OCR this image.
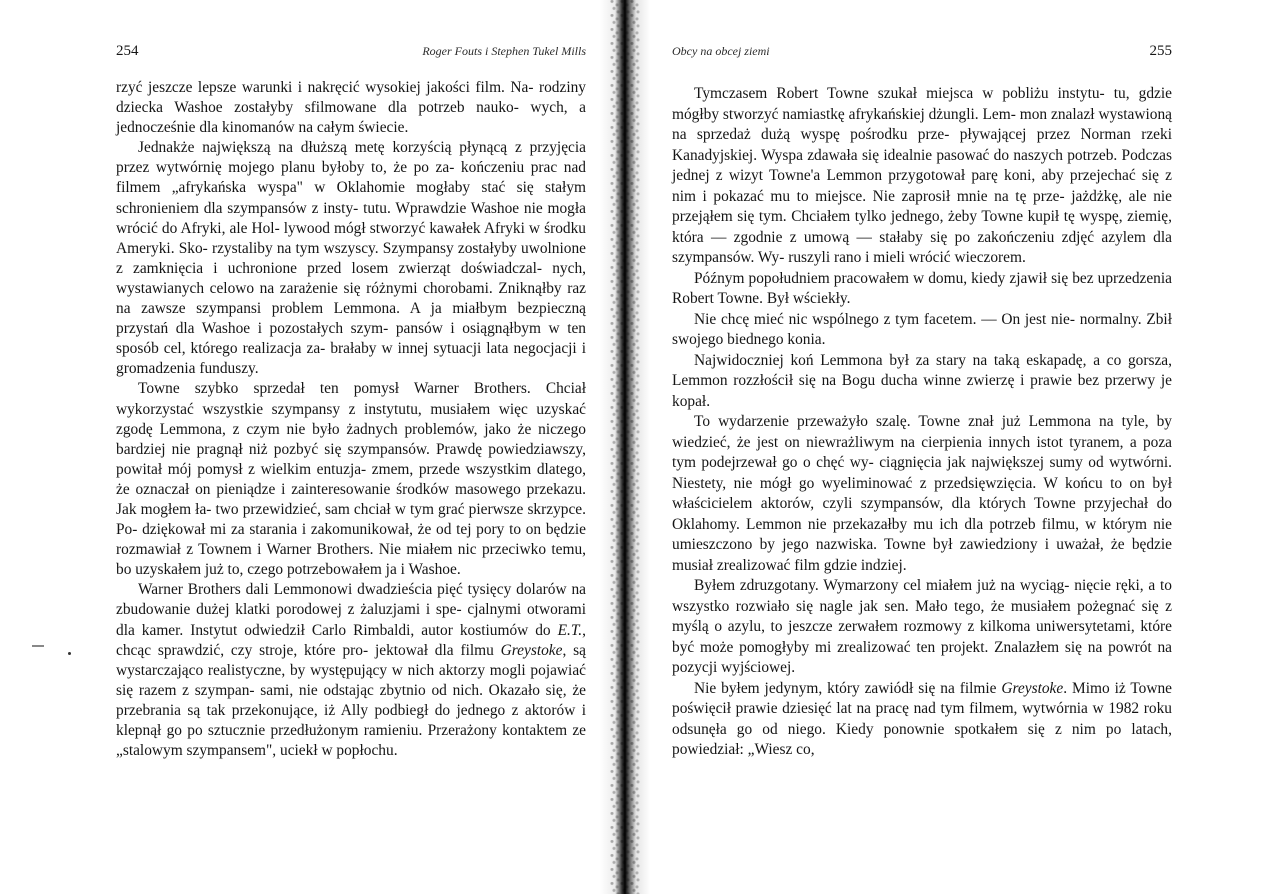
254	Roger Fouts i Stephen Tukel Mills

rzyć jeszcze lepsze warunki i nakręcić wysokiej jakości film. Na- rodziny dziecka Washoe zostałyby sfilmowane dla potrzeb nauko- wych, a jednocześnie dla kinomanów na całym świecie.

Jednakże największą na dłuższą metę korzyścią płynącą z przyjęcia przez wytwórnię mojego planu byłoby to, że po za- kończeniu prac nad filmem „afrykańska wyspa" w Oklahomie mogłaby stać się stałym schronieniem dla szympansów z insty- tutu. Wprawdzie Washoe nie mogła wrócić do Afryki, ale Hol- lywood mógł stworzyć kawałek Afryki w środku Ameryki. Sko- rzystaliby na tym wszyscy. Szympansy zostałyby uwolnione z zamknięcia i uchronione przed losem zwierząt doświadczal- nych, wystawianych celowo na zarażenie się różnymi chorobami. Zniknąłby raz na zawsze szympansi problem Lemmona. A ja miałbym bezpieczną przystań dla Washoe i pozostałych szym- pansów i osiągnąłbym w ten sposób cel, którego realizacja za- brałaby w innej sytuacji lata negocjacji i gromadzenia funduszy.

Towne szybko sprzedał ten pomysł Warner Brothers. Chciał wykorzystać wszystkie szympansy z instytutu, musiałem więc uzyskać zgodę Lemmona, z czym nie było żadnych problemów, jako że niczego bardziej nie pragnął niż pozbyć się szympansów. Prawdę powiedziawszy, powitał mój pomysł z wielkim entuzja- zmem, przede wszystkim dlatego, że oznaczał on pieniądze i zainteresowanie środków masowego przekazu. Jak mogłem ła- two przewidzieć, sam chciał w tym grać pierwsze skrzypce. Po- dziękował mi za starania i zakomunikował, że od tej pory to on będzie rozmawiał z Townem i Warner Brothers. Nie miałem nic przeciwko temu, bo uzyskałem już to, czego potrzebowałem ja i Washoe.

Warner Brothers dali Lemmonowi dwadzieścia pięć tysięcy dolarów na zbudowanie dużej klatki porodowej z żaluzjami i spe- cjalnymi otworami dla kamer. Instytut odwiedził Carlo Rimbaldi, autor kostiumów do E.T., chcąc sprawdzić, czy stroje, które pro- jektował dla filmu Greystoke, są wystarczająco realistyczne, by występujący w nich aktorzy mogli pojawiać się razem z szympan- sami, nie odstając zbytnio od nich. Okazało się, że przebrania są tak przekonujące, iż Ally podbiegł do jednego z aktorów i klepnął go po sztucznie przedłużonym ramieniu. Przerażony kontaktem ze „stalowym szympansem", uciekł w popłochu.

Obcy na obcej ziemi	255

Tymczasem Robert Towne szukał miejsca w pobliżu instytu- tu, gdzie mógłby stworzyć namiastkę afrykańskiej dżungli. Lem- mon znalazł wystawioną na sprzedaż dużą wyspę pośrodku prze- pływającej przez Norman rzeki Kanadyjskiej. Wyspa zdawała się idealnie pasować do naszych potrzeb. Podczas jednej z wizyt Towne'a Lemmon przygotował parę koni, aby przejechać się z nim i pokazać mu to miejsce. Nie zaprosił mnie na tę prze- jażdżkę, ale nie przejąłem się tym. Chciałem tylko jednego, żeby Towne kupił tę wyspę, ziemię, która — zgodnie z umową — stałaby się po zakończeniu zdjęć azylem dla szympansów. Wy- ruszyli rano i mieli wrócić wieczorem.

Późnym popołudniem pracowałem w domu, kiedy zjawił się bez uprzedzenia Robert Towne. Był wściekły.

Nie chcę mieć nic wspólnego z tym facetem. — On jest nie- normalny. Zbił swojego biednego konia.

Najwidoczniej koń Lemmona był za stary na taką eskapadę, a co gorsza, Lemmon rozzłościł się na Bogu ducha winne zwierzę i prawie bez przerwy je kopał.

To wydarzenie przeważyło szalę. Towne znał już Lemmona na tyle, by wiedzieć, że jest on niewrażliwym na cierpienia innych istot tyranem, a poza tym podejrzewał go o chęć wy- ciągnięcia jak największej sumy od wytwórni. Niestety, nie mógł go wyeliminować z przedsięwzięcia. W końcu to on był właścicielem aktorów, czyli szympansów, dla których Towne przyjechał do Oklahomy. Lemmon nie przekazałby mu ich dla potrzeb filmu, w którym nie umieszczono by jego nazwiska. Towne był zawiedziony i uważał, że będzie musiał zrealizować film gdzie indziej.

Byłem zdruzgotany. Wymarzony cel miałem już na wyciąg- nięcie ręki, a to wszystko rozwiało się nagle jak sen. Mało tego, że musiałem pożegnać się z myślą o azylu, to jeszcze zerwałem rozmowy z kilkoma uniwersytetami, które być może pomogłyby mi zrealizować ten projekt. Znalazłem się na powrót na pozycji wyjściowej.

Nie byłem jedynym, który zawiódł się na filmie Greystoke. Mimo iż Towne poświęcił prawie dziesięć lat na pracę nad tym filmem, wytwórnia w 1982 roku odsunęła go od niego. Kiedy ponownie spotkałem się z nim po latach, powiedział: „Wiesz co,
